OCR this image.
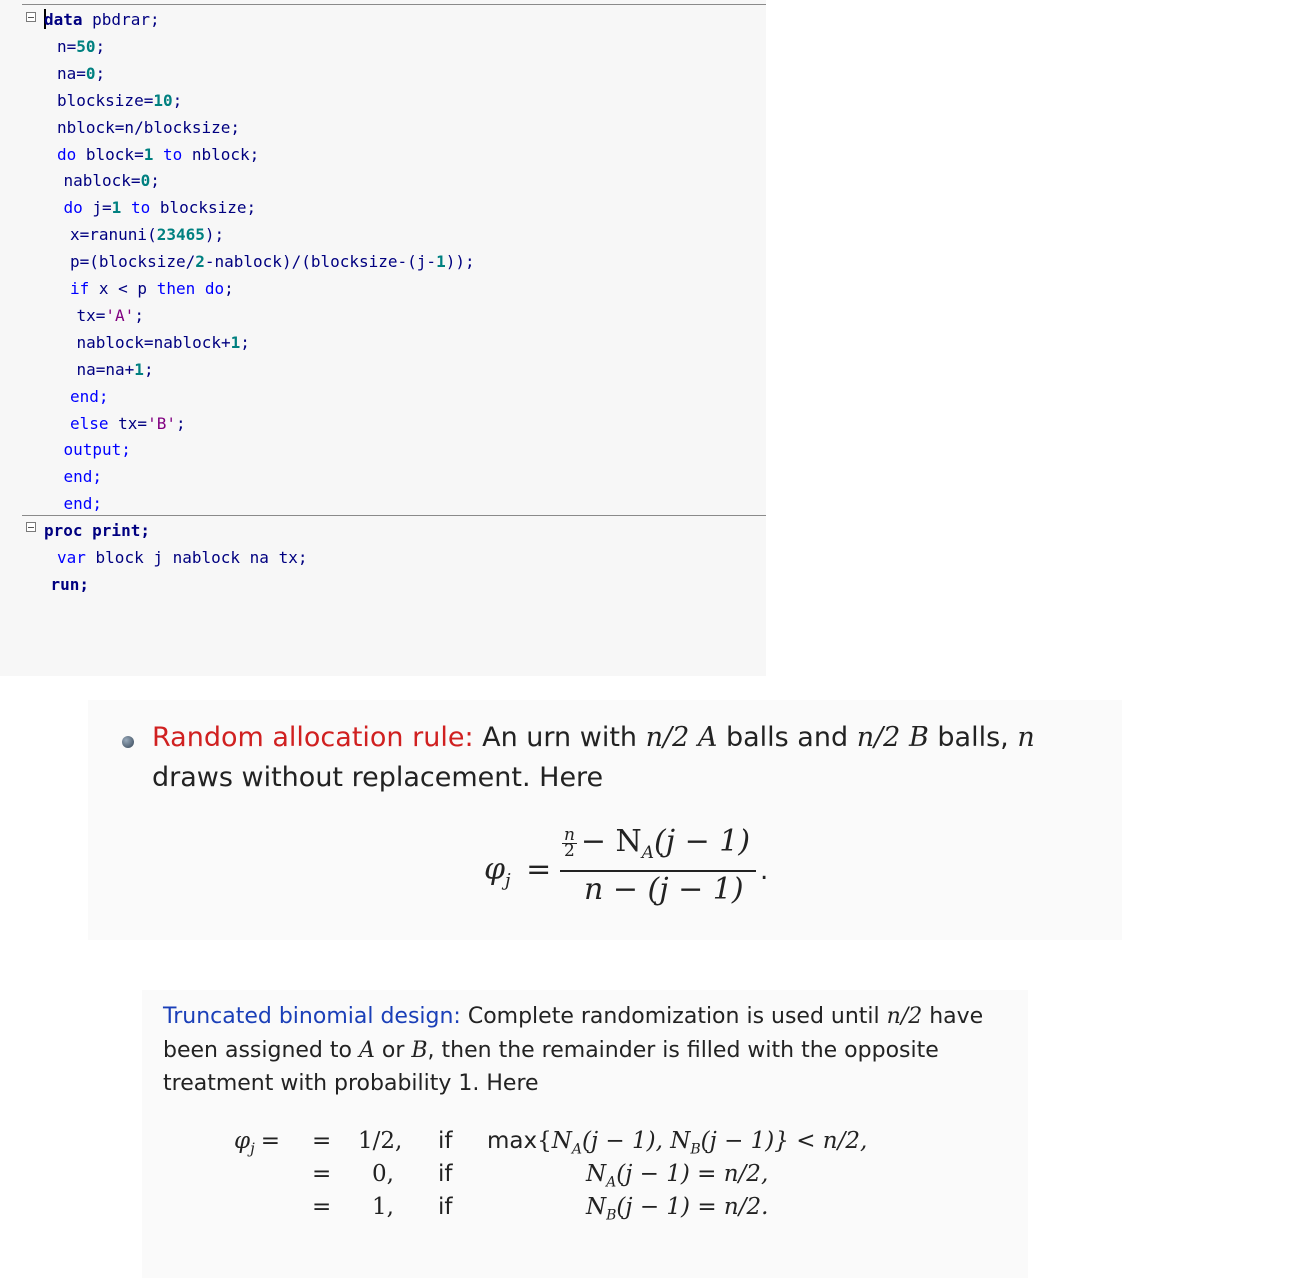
data pbdrar;
n=50;
na=0;
blocksize=10;
nblock=n/blocksize;
do block=1 to nblock;
nablock=0;
do j=1 to blocksize;
x=ranuni(23465);
p=(blocksize/2-nablock)/(blocksize-(j-1));
if x < p then do;
tx='A';
nablock=nablock+1;
na=na+1;
end;
else tx='B';
output;
end;
end;
proc print;
var block j nablock na tx;
run;
Random allocation rule: An urn with n/2 A balls and n/2 B balls, n
draws without replacement. Here
$\varphi_j$ =
$\frac{n}{2} - N_A(j - 1)$
n − (j − 1)
.
Truncated binomial design: Complete randomization is used until n/2 have
been assigned to A or B, then the remainder is filled with the opposite
treatment with probability 1. Here
$\varphi_j$ = = 1/2, if $\max\{N_A(j - 1)$, $N_B(j - 1)\} < n/2$,
= 0, if	$N_A(j - 1) = n/2$,
= 1, if	$N_B(j - 1) = n/2$.
